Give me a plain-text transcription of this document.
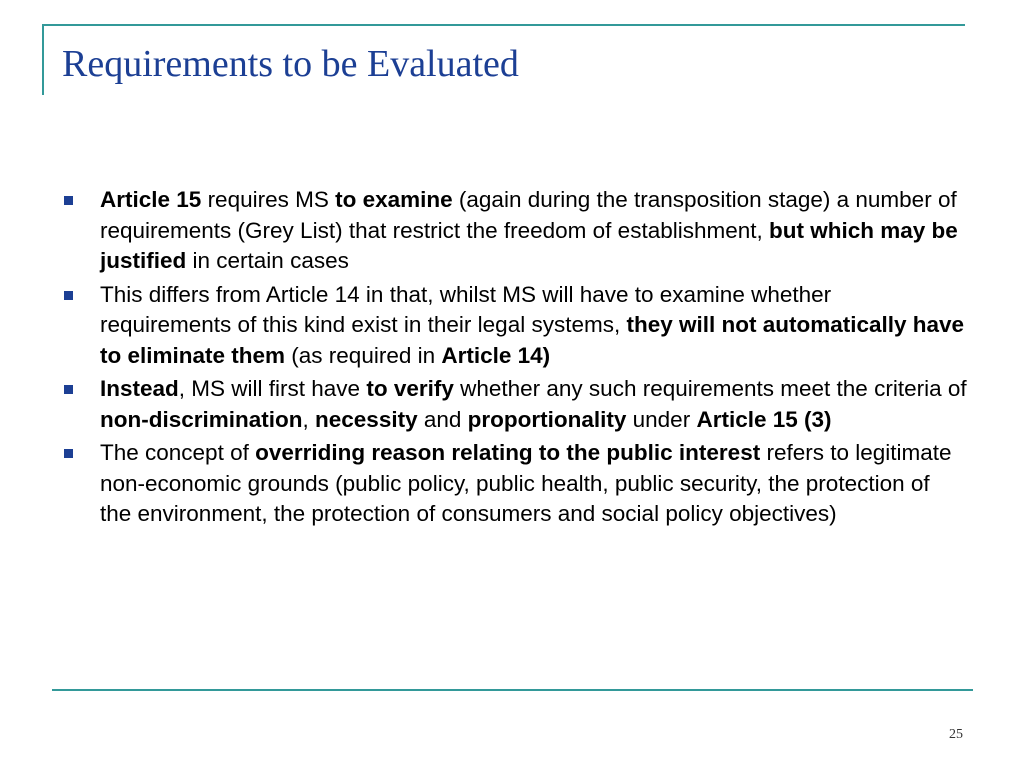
Requirements to be Evaluated
Article 15 requires MS to examine (again during the transposition stage) a number of requirements (Grey List) that restrict the freedom of establishment, but which may be justified in certain cases
This differs from Article 14 in that, whilst MS will have to examine whether requirements of this kind exist in their legal systems, they will not automatically have to eliminate them (as required in Article 14)
Instead, MS will first have to verify whether any such requirements meet the criteria of non-discrimination, necessity and proportionality under Article 15 (3)
The concept of overriding reason relating to the public interest refers to legitimate non-economic grounds (public policy, public health, public security, the protection of the environment, the protection of consumers and social policy objectives)
25
